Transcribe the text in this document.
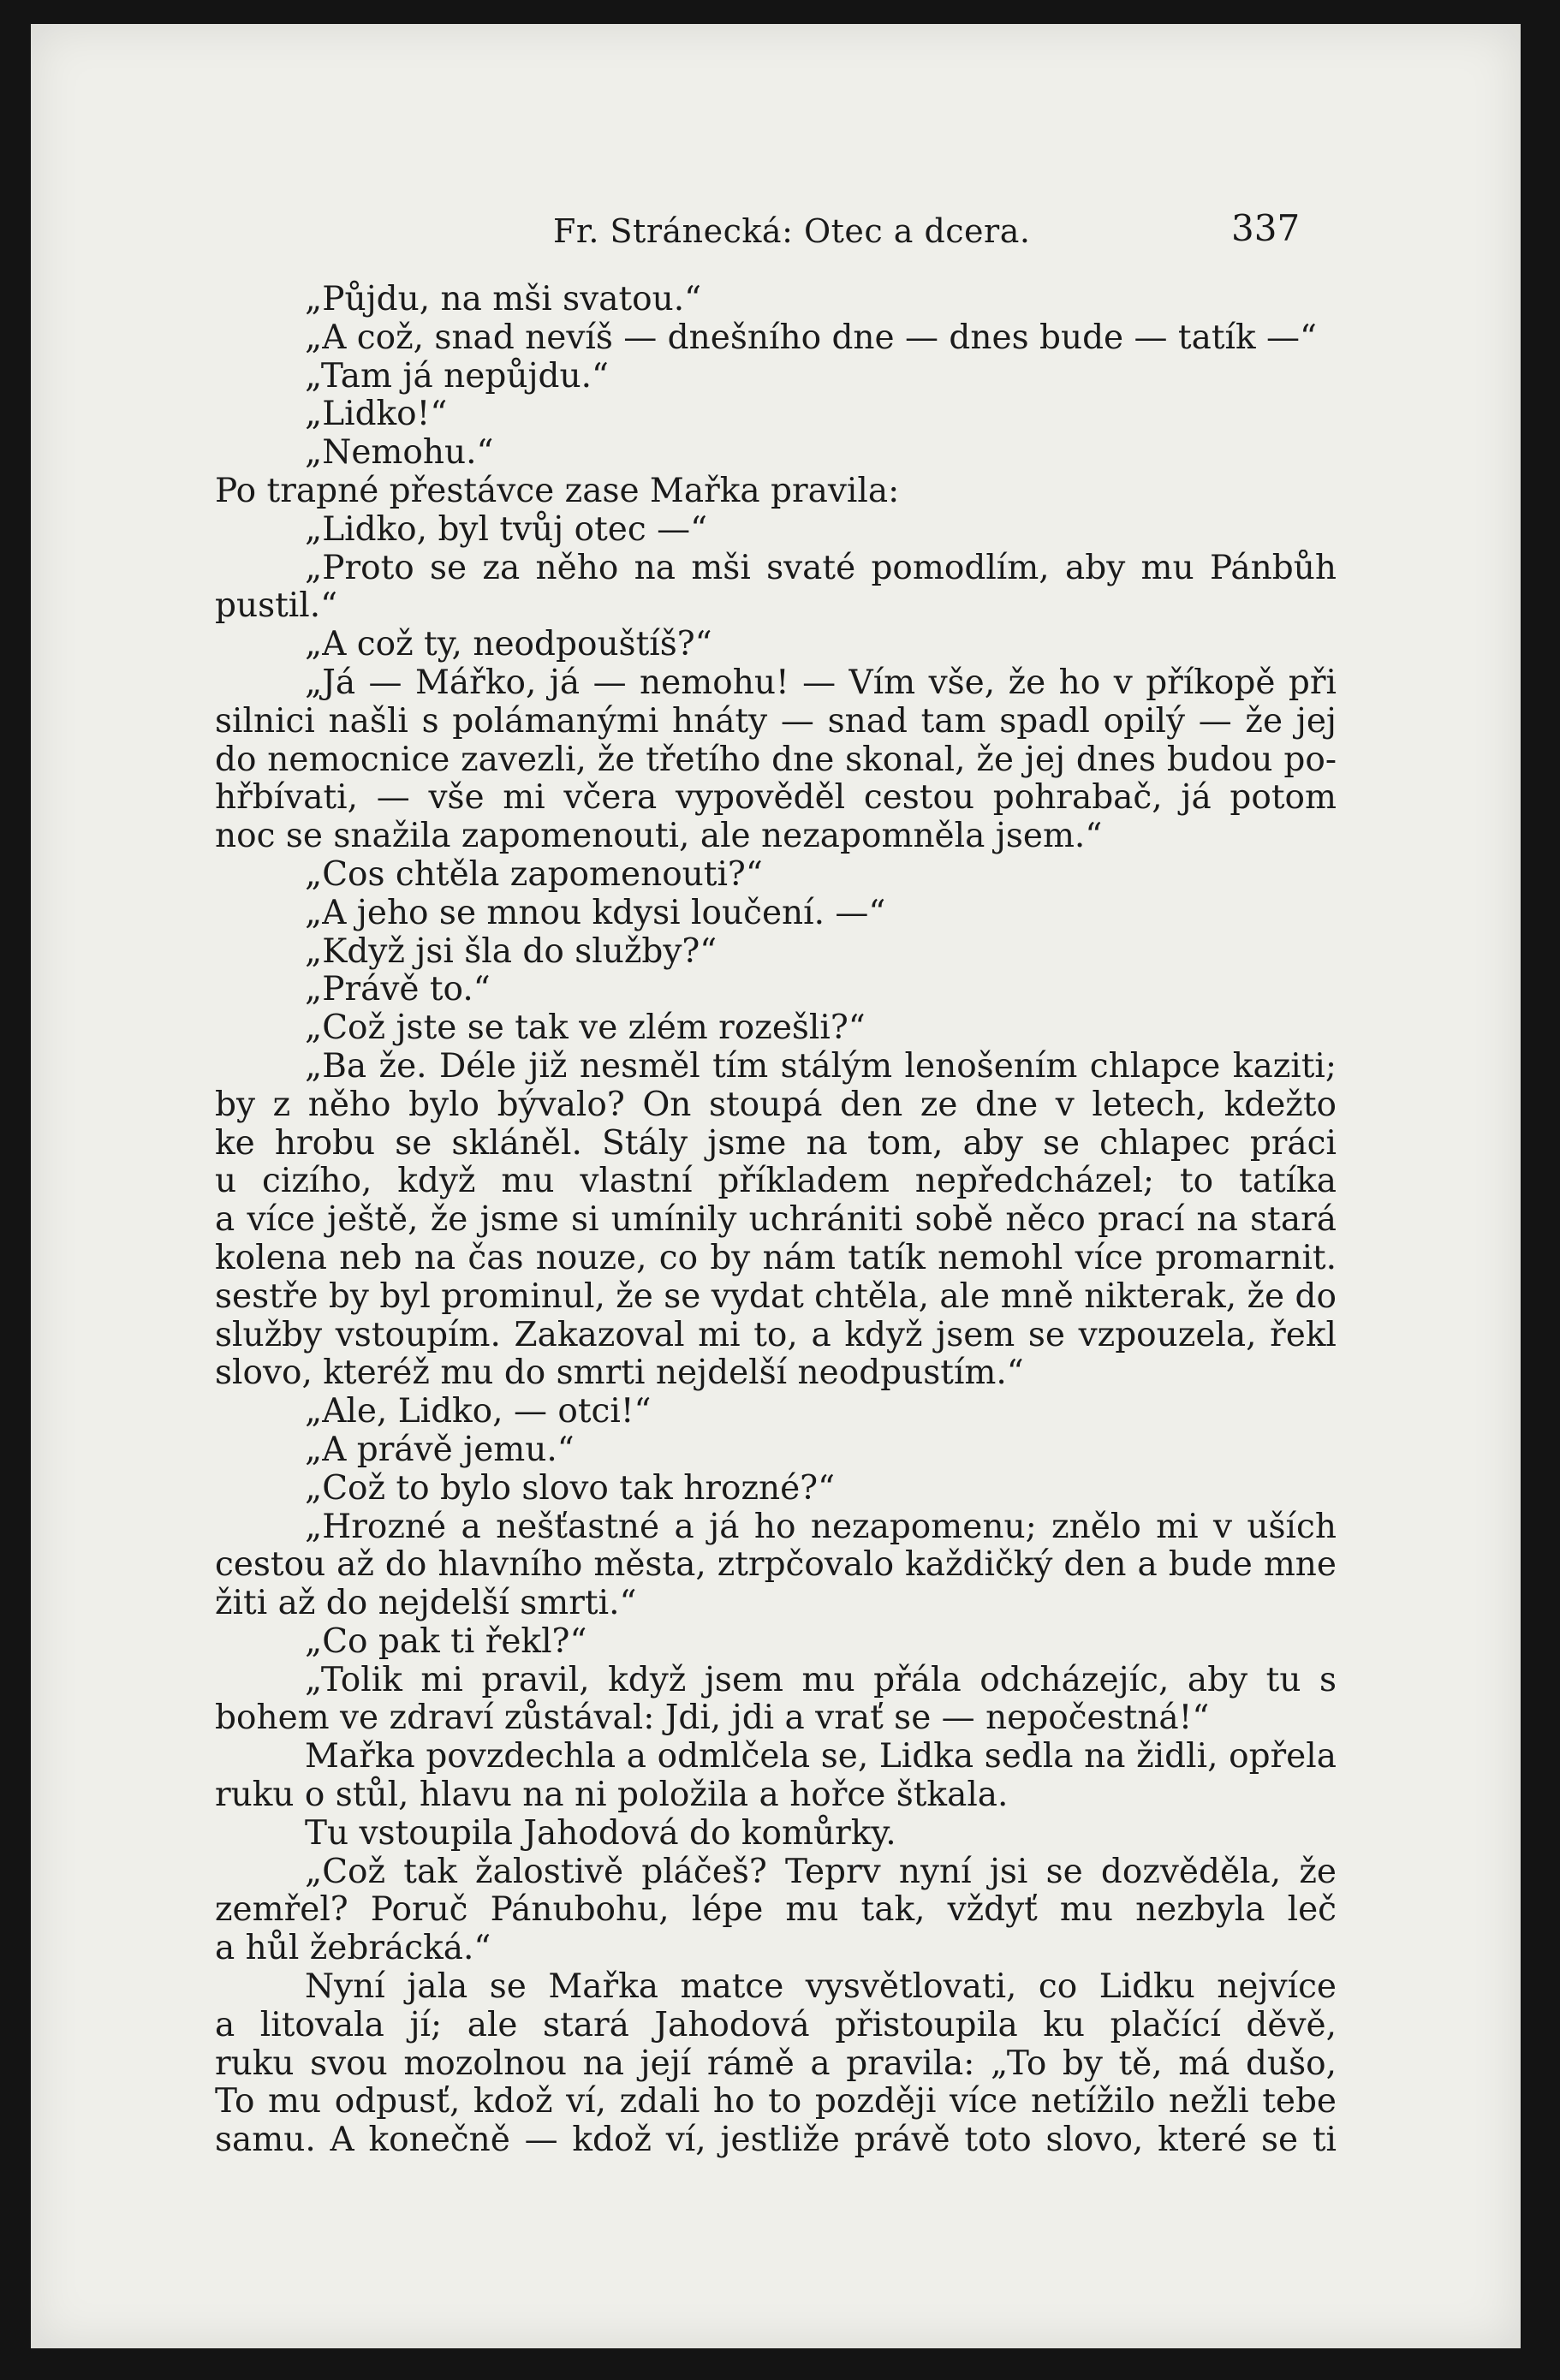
Fr. Stránecká: Otec a dcera.	337
„Půjdu, na mši svatou.“
„A což, snad nevíš — dnešního dne — dnes bude — tatík —“
„Tam já nepůjdu.“
„Lidko!“
„Nemohu.“
Po trapné přestávce zase Mařka pravila:
„Lidko, byl tvůj otec —“
„Proto se za něho na mši svaté pomodlím, aby mu Pánbůh
pustil.“
„A což ty, neodpouštíš?“
„Já — Mářko, já — nemohu! — Vím vše, že ho v příkopě při
silnici našli s polámanými hnáty — snad tam spadl opilý — že jej
do nemocnice zavezli, že třetího dne skonal, že jej dnes budou po-
hřbívati, — vše mi včera vypověděl cestou pohrabač, já potom
noc se snažila zapomenouti, ale nezapomněla jsem.“
„Cos chtěla zapomenouti?“
„A jeho se mnou kdysi loučení. —“
„Když jsi šla do služby?“
„Právě to.“
„Což jste se tak ve zlém rozešli?“
„Ba že. Déle již nesměl tím stálým lenošením chlapce kaziti;
by z něho bylo bývalo? On stoupá den ze dne v letech, kdežto
ke hrobu se skláněl. Stály jsme na tom, aby se chlapec práci
u cizího, když mu vlastní příkladem nepředcházel; to tatíka
a více ještě, že jsme si umínily uchrániti sobě něco prací na stará
kolena neb na čas nouze, co by nám tatík nemohl více promarnit.
sestře by byl prominul, že se vydat chtěla, ale mně nikterak, že do
služby vstoupím. Zakazoval mi to, a když jsem se vzpouzela, řekl
slovo, kteréž mu do smrti nejdelší neodpustím.“
„Ale, Lidko, — otci!“
„A právě jemu.“
„Což to bylo slovo tak hrozné?“
„Hrozné a nešťastné a já ho nezapomenu; znělo mi v uších
cestou až do hlavního města, ztrpčovalo každičký den a bude mne
žiti až do nejdelší smrti.“
„Co pak ti řekl?“
„Tolik mi pravil, když jsem mu přála odcházejíc, aby tu s
bohem ve zdraví zůstával: Jdi, jdi a vrať se — nepočestná!“
Mařka povzdechla a odmlčela se, Lidka sedla na židli, opřela
ruku o stůl, hlavu na ni položila a hořce štkala.
Tu vstoupila Jahodová do komůrky.
„Což tak žalostivě pláčeš? Teprv nyní jsi se dozvěděla, že
zemřel? Poruč Pánubohu, lépe mu tak, vždyť mu nezbyla leč
a hůl žebrácká.“
Nyní jala se Mařka matce vysvětlovati, co Lidku nejvíce
a litovala jí; ale stará Jahodová přistoupila ku plačící děvě,
ruku svou mozolnou na její rámě a pravila: „To by tě, má dušo,
To mu odpusť, kdož ví, zdali ho to později více netížilo nežli tebe
samu. A konečně — kdož ví, jestliže právě toto slovo, které se ti
